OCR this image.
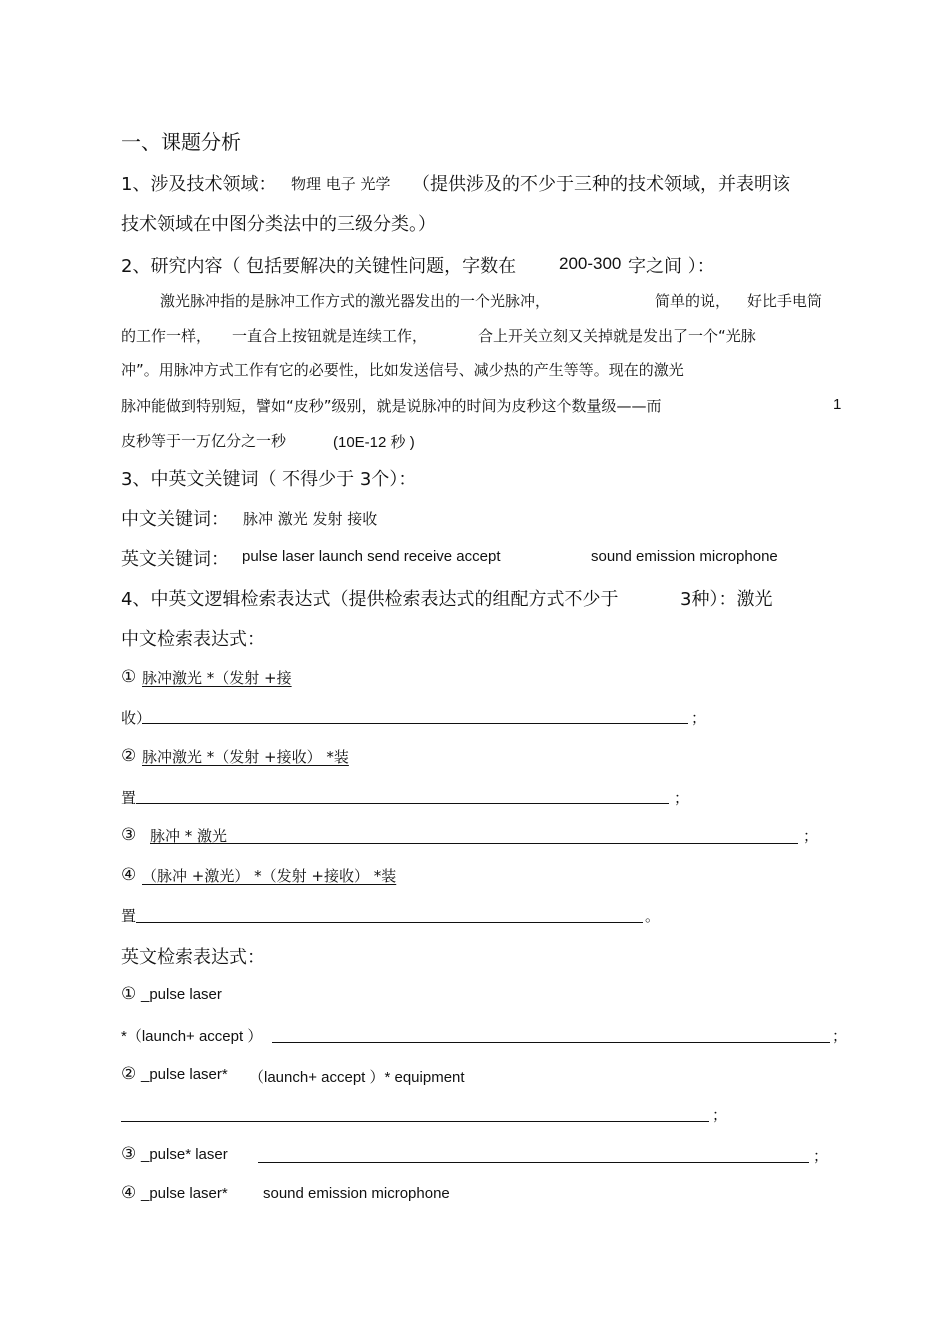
一、课题分析
1、涉及技术领域： 物理 电子 光学 （提供涉及的不少于三种的技术领域，并表明该
技术领域在中图分类法中的三级分类。）
2、研究内容（ 包括要解决的关键性问题，字数在	200-300 字之间 ）：
激光脉冲指的是脉冲工作方式的激光器发出的一个光脉冲，	简单的说， 好比手电筒
的工作一样， 一直合上按钮就是连续工作，	合上开关立刻又关掉就是发出了一个“光脉
冲”。用脉冲方式工作有它的必要性，比如发送信号、减少热的产生等等。现在的激光
脉冲能做到特别短，譬如“皮秒”级别，就是说脉冲的时间为皮秒这个数量级——而	1
皮秒等于一万亿分之一秒	(10E-12 秒 )
3、中英文关键词（ 不得少于 3个）：
中文关键词： 脉冲 激光 发射 接收
英文关键词： pulse laser launch send receive accept	sound emission microphone
4、中英文逻辑检索表达式（提供检索表达式的组配方式不少于	3种）：激光
中文检索表达式：
① 脉冲激光 *（发射 +接
收）	；
② 脉冲激光 *（发射 +接收） *装
置	；
③ 脉冲 * 激光	；
④ （脉冲 +激光） *（发射 +接收） *装
置	。
英文检索表达式：
① _pulse laser
*（launch+ accept ）	；
② _pulse laser* （launch+ accept ）* equipment
；
③ _pulse* laser	；
④ _pulse laser* sound emission microphone
